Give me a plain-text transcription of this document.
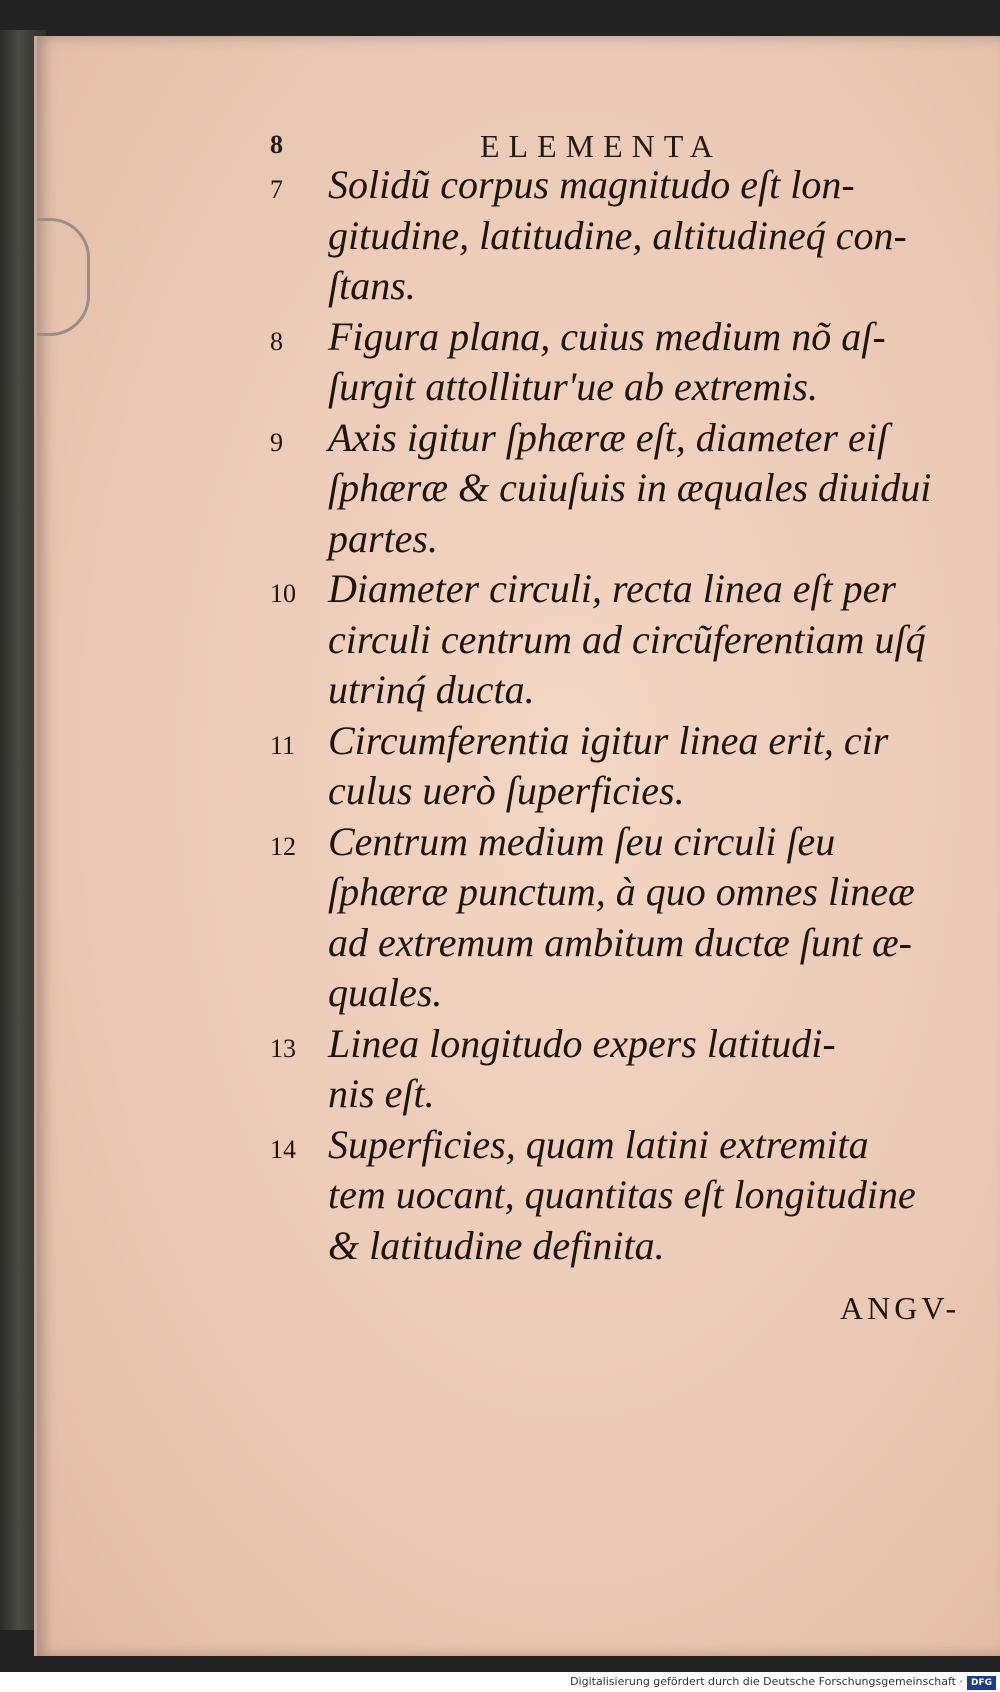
8	ELEMENTA
7 Solidũ corpus magnitudo eſt lon-
gitudine, latitudine, altitudineq́ con-
ſtans.
8 Figura plana, cuius medium nõ aſ-
ſurgit attollitur'ue ab extremis.
9 Axis igitur ſphæræ eſt, diameter eiſ
ſphæræ & cuiuſuis in æquales diuidui
partes.
10 Diameter circuli, recta linea eſt per
circuli centrum ad circũferentiam uſq́
utrinq́ ducta.
11 Circumferentia igitur linea erit, cir
culus uerò ſuperficies.
12 Centrum medium ſeu circuli ſeu
ſphæræ punctum, à quo omnes lineæ
ad extremum ambitum ductæ ſunt æ-
quales.
13 Linea longitudo expers latitudi-
nis eſt.
14 Superficies, quam latini extremita
tem uocant, quantitas eſt longitudine
& latitudine definita.
ANGV-
Digitalisierung gefördert durch die Deutsche Forschungsgemeinschaft · DFG
